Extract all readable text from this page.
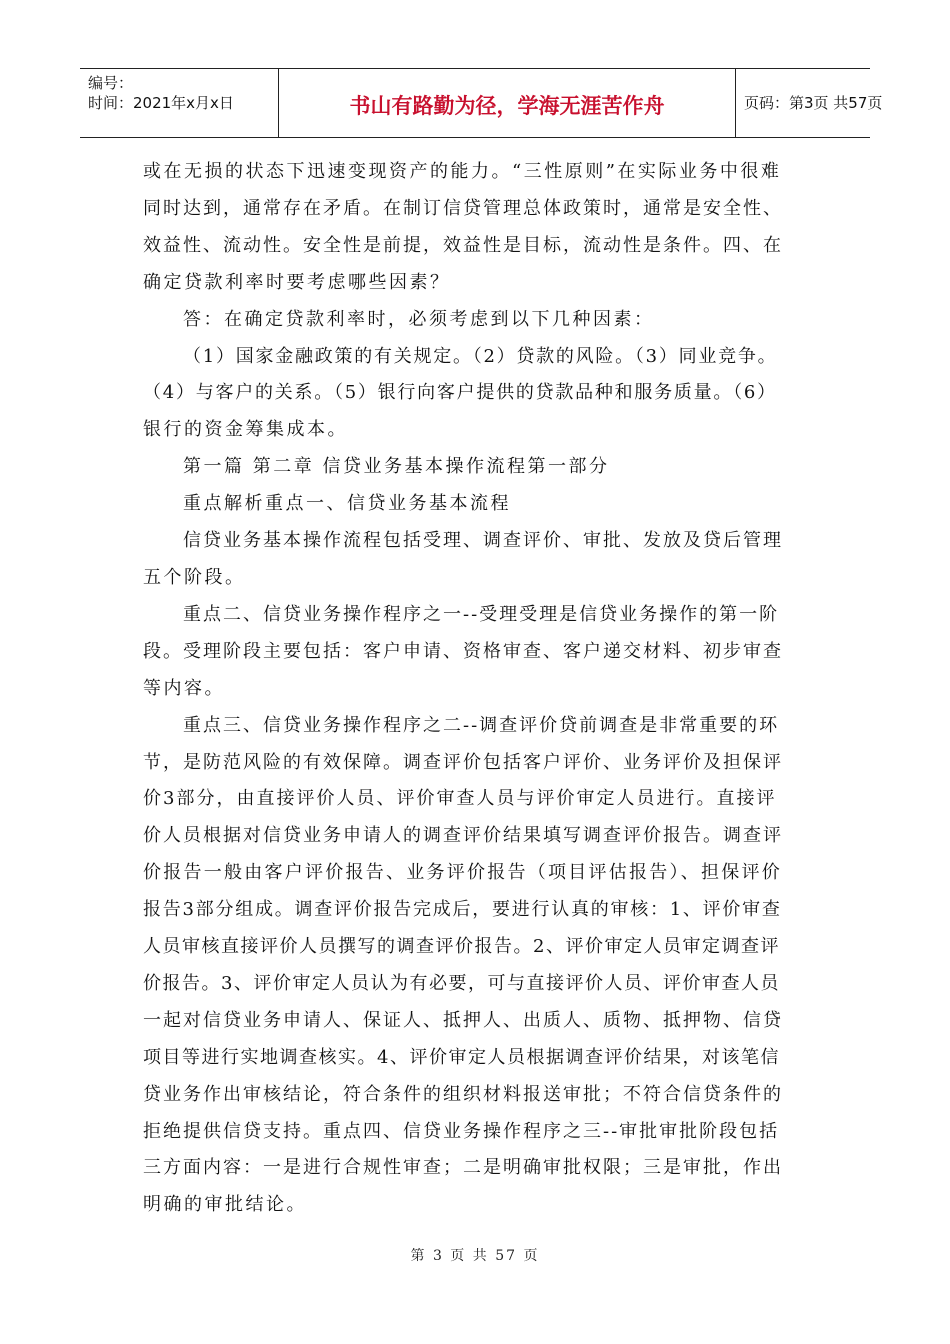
编号：
时间：2021年x月x日	书山有路勤为径，学海无涯苦作舟	页码：第3页 共57页

或在无损的状态下迅速变现资产的能力。“三性原则”在实际业务中很难

同时达到，通常存在矛盾。在制订信贷管理总体政策时，通常是安全性、

效益性、流动性。安全性是前提，效益性是目标，流动性是条件。四、在

确定贷款利率时要考虑哪些因素？

答：在确定贷款利率时，必须考虑到以下几种因素：

（1）国家金融政策的有关规定。（2）贷款的风险。（3）同业竞争。

（4）与客户的关系。（5）银行向客户提供的贷款品种和服务质量。（6）

银行的资金筹集成本。

第一篇 第二章 信贷业务基本操作流程第一部分

重点解析重点一、信贷业务基本流程

信贷业务基本操作流程包括受理、调查评价、审批、发放及贷后管理

五个阶段。

重点二、信贷业务操作程序之一--受理受理是信贷业务操作的第一阶

段。受理阶段主要包括：客户申请、资格审查、客户递交材料、初步审查

等内容。

重点三、信贷业务操作程序之二--调查评价贷前调查是非常重要的环

节，是防范风险的有效保障。调查评价包括客户评价、业务评价及担保评

价3部分，由直接评价人员、评价审查人员与评价审定人员进行。直接评

价人员根据对信贷业务申请人的调查评价结果填写调查评价报告。调查评

价报告一般由客户评价报告、业务评价报告（项目评估报告）、担保评价

报告3部分组成。调查评价报告完成后，要进行认真的审核：1、评价审查

人员审核直接评价人员撰写的调查评价报告。2、评价审定人员审定调查评

价报告。3、评价审定人员认为有必要，可与直接评价人员、评价审查人员

一起对信贷业务申请人、保证人、抵押人、出质人、质物、抵押物、信贷

项目等进行实地调查核实。4、评价审定人员根据调查评价结果，对该笔信

贷业务作出审核结论，符合条件的组织材料报送审批；不符合信贷条件的

拒绝提供信贷支持。重点四、信贷业务操作程序之三--审批审批阶段包括

三方面内容：一是进行合规性审查；二是明确审批权限；三是审批，作出

明确的审批结论。

第 3 页 共 57 页
